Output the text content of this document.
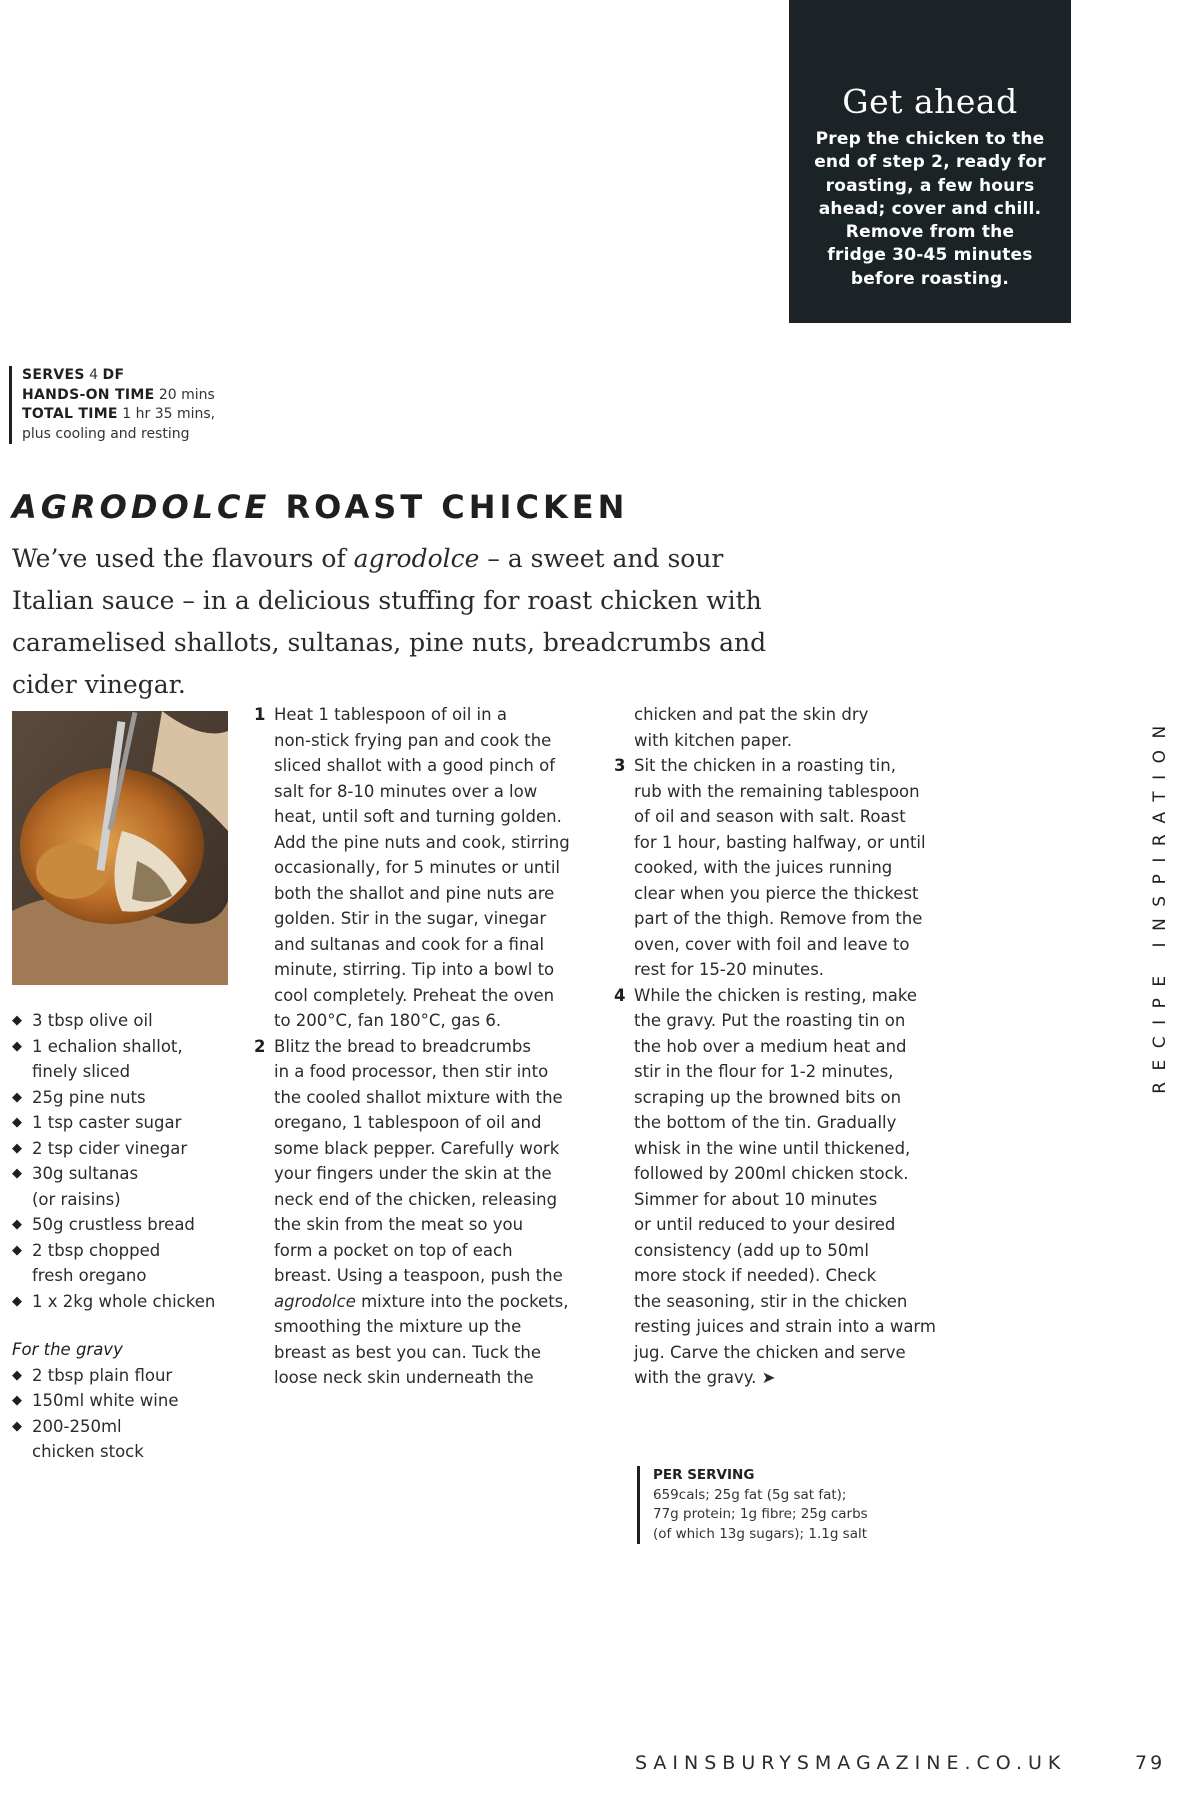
Get ahead
Prep the chicken to the
end of step 2, ready for
roasting, a few hours
ahead; cover and chill.
Remove from the
fridge 30-45 minutes
before roasting.
SERVES 4 DF
HANDS-ON TIME 20 mins
TOTAL TIME 1 hr 35 mins,
plus cooling and resting
AGRODOLCE ROAST CHICKEN

We’ve used the flavours of agrodolce – a sweet and sour Italian sauce – in a delicious stuffing for roast chicken with caramelised shallots, sultanas, pine nuts, breadcrumbs and cider vinegar.

◆ 3 tbsp olive oil
◆ 1 echalion shallot,
finely sliced
◆ 25g pine nuts
◆ 1 tsp caster sugar
◆ 2 tsp cider vinegar
◆ 30g sultanas
(or raisins)
◆ 50g crustless bread
◆ 2 tbsp chopped
fresh oregano
◆ 1 x 2kg whole chicken
For the gravy
◆ 2 tbsp plain flour
◆ 150ml white wine
◆ 200-250ml
chicken stock
1 Heat 1 tablespoon of oil in a
non-stick frying pan and cook the
sliced shallot with a good pinch of
salt for 8-10 minutes over a low
heat, until soft and turning golden.
Add the pine nuts and cook, stirring
occasionally, for 5 minutes or until
both the shallot and pine nuts are
golden. Stir in the sugar, vinegar
and sultanas and cook for a final
minute, stirring. Tip into a bowl to
cool completely. Preheat the oven
to 200°C, fan 180°C, gas 6.
2 Blitz the bread to breadcrumbs
in a food processor, then stir into
the cooled shallot mixture with the
oregano, 1 tablespoon of oil and
some black pepper. Carefully work
your fingers under the skin at the
neck end of the chicken, releasing
the skin from the meat so you
form a pocket on top of each
breast. Using a teaspoon, push the
agrodolce mixture into the pockets,
smoothing the mixture up the
breast as best you can. Tuck the
loose neck skin underneath the
chicken and pat the skin dry
with kitchen paper.
3 Sit the chicken in a roasting tin,
rub with the remaining tablespoon
of oil and season with salt. Roast
for 1 hour, basting halfway, or until
cooked, with the juices running
clear when you pierce the thickest
part of the thigh. Remove from the
oven, cover with foil and leave to
rest for 15-20 minutes.
4 While the chicken is resting, make
the gravy. Put the roasting tin on
the hob over a medium heat and
stir in the flour for 1-2 minutes,
scraping up the browned bits on
the bottom of the tin. Gradually
whisk in the wine until thickened,
followed by 200ml chicken stock.
Simmer for about 10 minutes
or until reduced to your desired
consistency (add up to 50ml
more stock if needed). Check
the seasoning, stir in the chicken
resting juices and strain into a warm
jug. Carve the chicken and serve
with the gravy. ➤
PER SERVING
659cals; 25g fat (5g sat fat);
77g protein; 1g fibre; 25g carbs
(of which 13g sugars); 1.1g salt
RECIPE INSPIRATION
SAINSBURYSMAGAZINE.CO.UK	79
